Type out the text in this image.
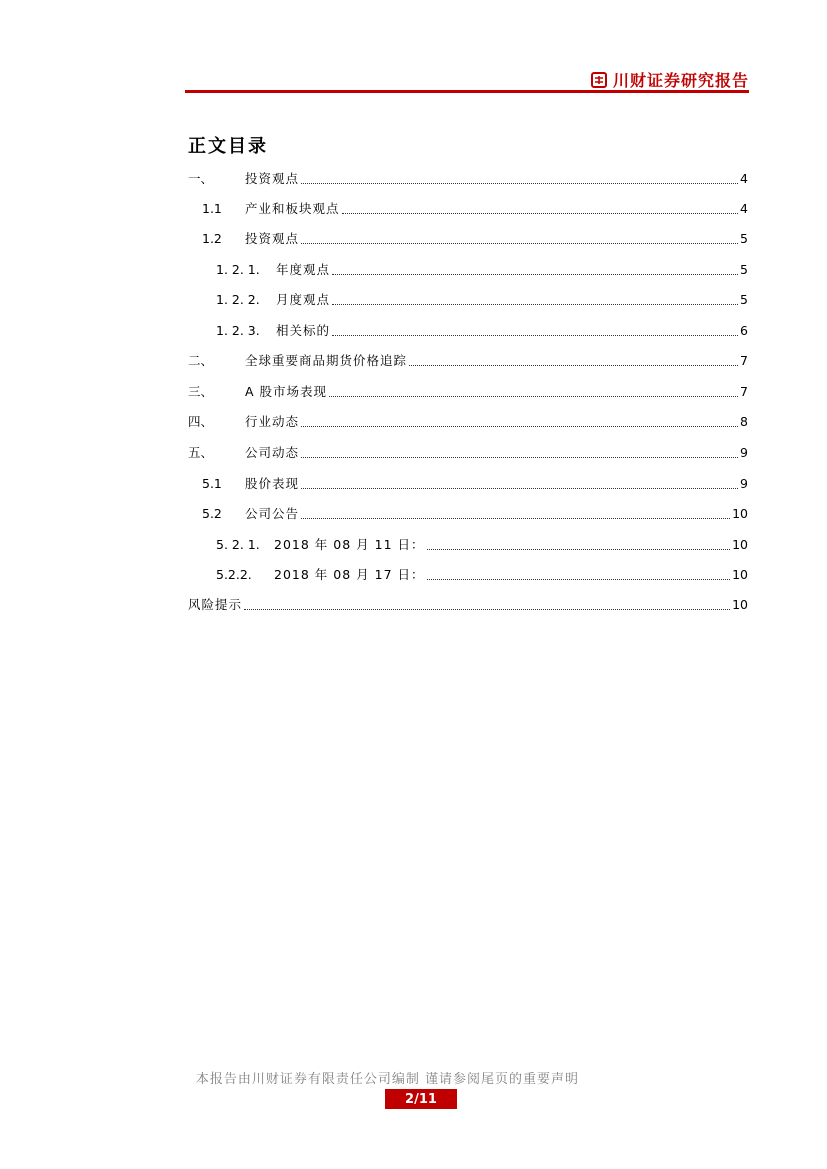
川财证券研究报告
正文目录
一、	投资观点	4
1.1	产业和板块观点	4
1.2	投资观点	5
1. 2. 1.	年度观点	5
1. 2. 2.	月度观点	5
1. 2. 3.	相关标的	6
二、	全球重要商品期货价格追踪	7
三、	A 股市场表现	7
四、	行业动态	8
五、	公司动态	9
5.1	股价表现	9
5.2	公司公告	10
5. 2. 1.	2018 年 08 月 11 日：	10
5.2.2.	2018 年 08 月 17 日：	10
风险提示	10
本报告由川财证券有限责任公司编制 谨请参阅尾页的重要声明
2/11
